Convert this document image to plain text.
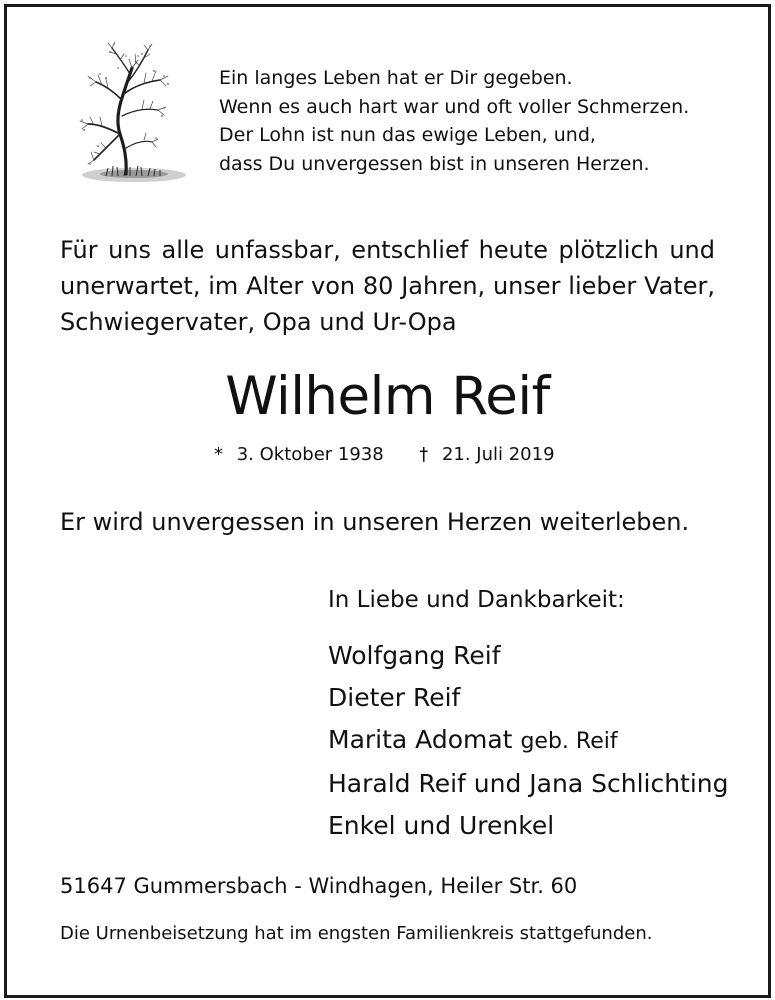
Ein langes Leben hat er Dir gegeben.
Wenn es auch hart war und oft voller Schmerzen.
Der Lohn ist nun das ewige Leben, und,
dass Du unvergessen bist in unseren Herzen.
Für uns alle unfassbar, entschlief heute plötzlich und
unerwartet, im Alter von 80 Jahren, unser lieber Vater,
Schwiegervater, Opa und Ur-Opa
Wilhelm Reif
* 3. Oktober 1938 † 21. Juli 2019
Er wird unvergessen in unseren Herzen weiterleben.
In Liebe und Dankbarkeit:
Wolfgang Reif
Dieter Reif
Marita Adomat geb. Reif
Harald Reif und Jana Schlichting
Enkel und Urenkel
51647 Gummersbach - Windhagen, Heiler Str. 60
Die Urnenbeisetzung hat im engsten Familienkreis stattgefunden.
